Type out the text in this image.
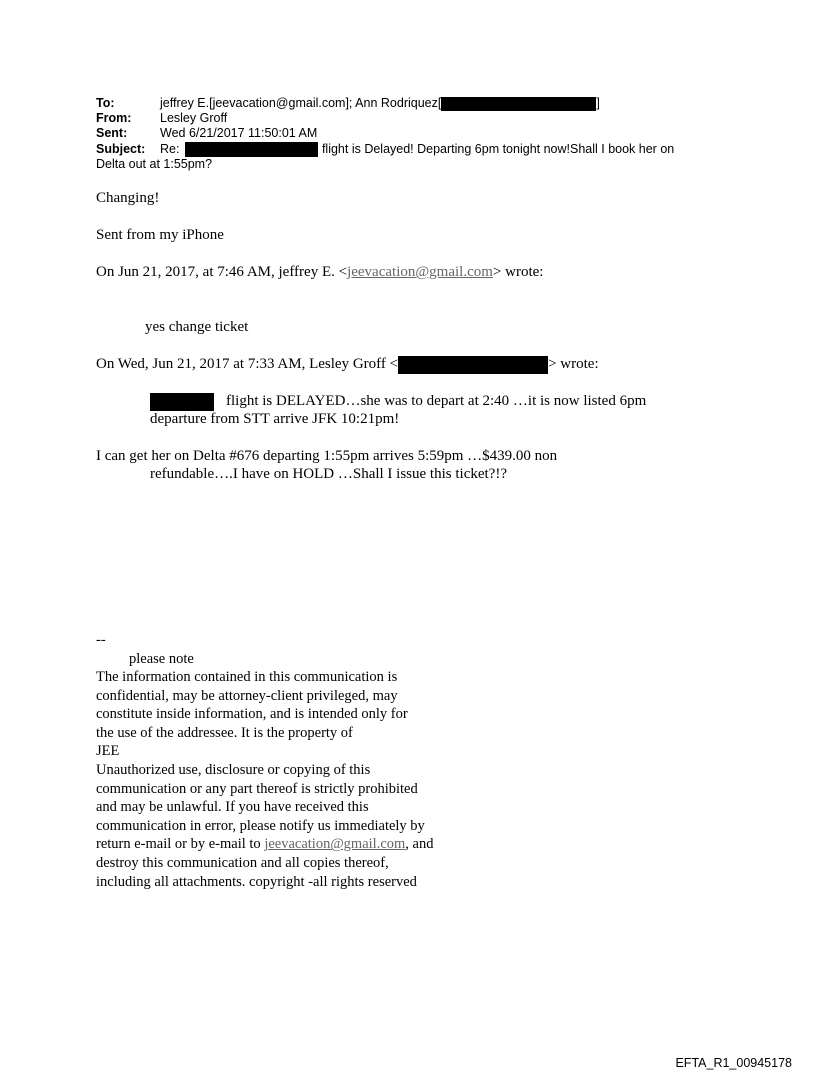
To:	jeffrey E.[jeevacation@gmail.com]; Ann Rodriquez[	]
From: Lesley Groff
Sent:	Wed 6/21/2017 11:50:01 AM
Subject: Re:	flight is Delayed! Departing 6pm tonight now!Shall I book her on
Delta out at 1:55pm?
Changing!
Sent from my iPhone
On Jun 21, 2017, at 7:46 AM, jeffrey E. <jeevacation@gmail.com> wrote:
yes change ticket
On Wed, Jun 21, 2017 at 7:33 AM, Lesley Groff <	> wrote:
flight is DELAYED…she was to depart at 2:40 …it is now listed 6pm
departure from STT arrive JFK 10:21pm!
I can get her on Delta #676 departing 1:55pm arrives 5:59pm …$439.00 non
refundable….I have on HOLD …Shall I issue this ticket?!?
--
please note
The information contained in this communication is
confidential, may be attorney-client privileged, may
constitute inside information, and is intended only for
the use of the addressee. It is the property of
JEE
Unauthorized use, disclosure or copying of this
communication or any part thereof is strictly prohibited
and may be unlawful. If you have received this
communication in error, please notify us immediately by
return e-mail or by e-mail to jeevacation@gmail.com, and
destroy this communication and all copies thereof,
including all attachments. copyright -all rights reserved
EFTA_R1_00945178
